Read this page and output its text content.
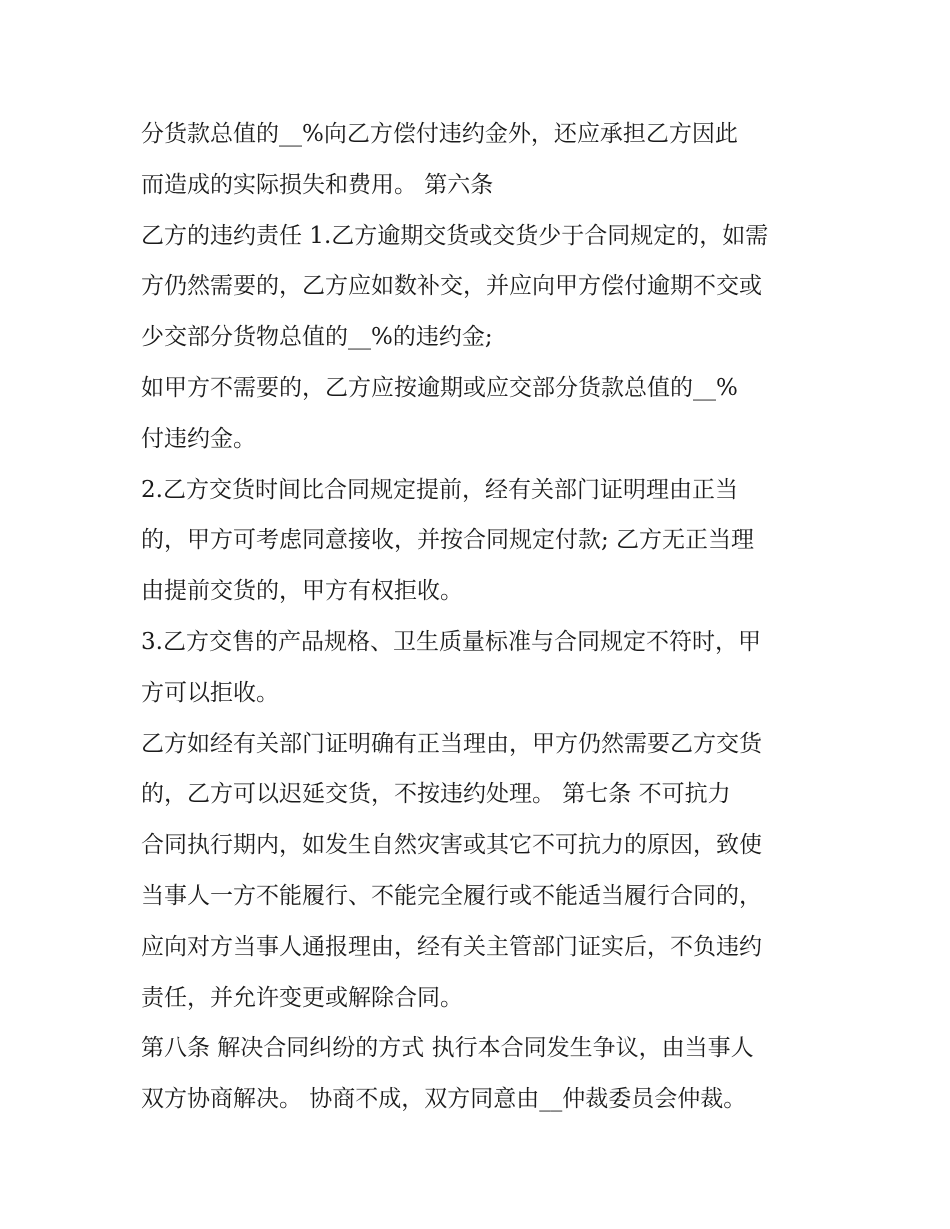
分货款总值的__%向乙方偿付违约金外，还应承担乙方因此
而造成的实际损失和费用。 第六条
乙方的违约责任 1.乙方逾期交货或交货少于合同规定的，如需
方仍然需要的，乙方应如数补交，并应向甲方偿付逾期不交或
少交部分货物总值的__%的违约金;
如甲方不需要的，乙方应按逾期或应交部分货款总值的__%
付违约金。
2.乙方交货时间比合同规定提前，经有关部门证明理由正当
的，甲方可考虑同意接收，并按合同规定付款; 乙方无正当理
由提前交货的，甲方有权拒收。
3.乙方交售的产品规格、卫生质量标准与合同规定不符时，甲
方可以拒收。
乙方如经有关部门证明确有正当理由，甲方仍然需要乙方交货
的，乙方可以迟延交货，不按违约处理。 第七条 不可抗力
合同执行期内，如发生自然灾害或其它不可抗力的原因，致使
当事人一方不能履行、不能完全履行或不能适当履行合同的，
应向对方当事人通报理由，经有关主管部门证实后，不负违约
责任，并允许变更或解除合同。
第八条 解决合同纠纷的方式 执行本合同发生争议，由当事人
双方协商解决。 协商不成，双方同意由__仲裁委员会仲裁。
